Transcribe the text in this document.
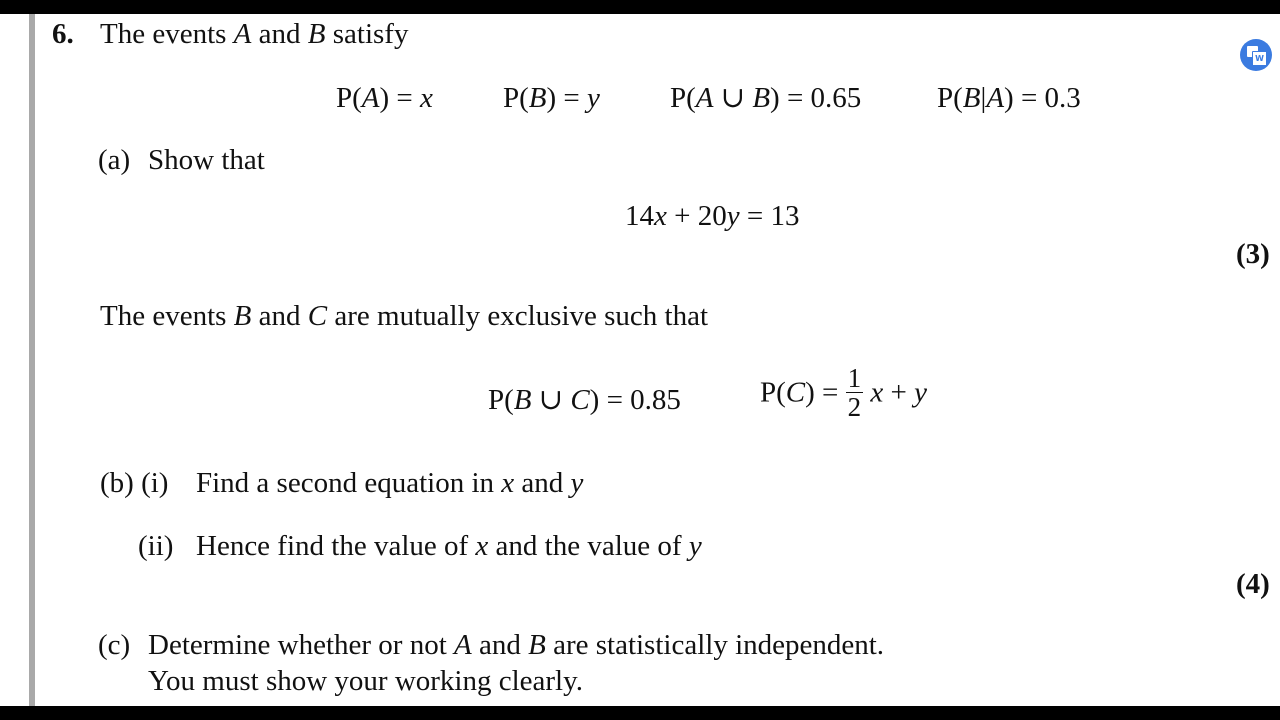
6. The events A and B satisfy
P(A) = x P(B) = y P(A ∪ B) = 0.65	P(B|A) = 0.3
(a) Show that
14x + 20y = 13
(3)
The events B and C are mutually exclusive such that
P(B ∪ C) = 0.85	$P(C) = \frac{1}{2}$ x + y
(b) (i) Find a second equation in x and y
(ii) Hence find the value of x and the value of y
(4)
(c) Determine whether or not A and B are statistically independent.
You must show your working clearly.
W
